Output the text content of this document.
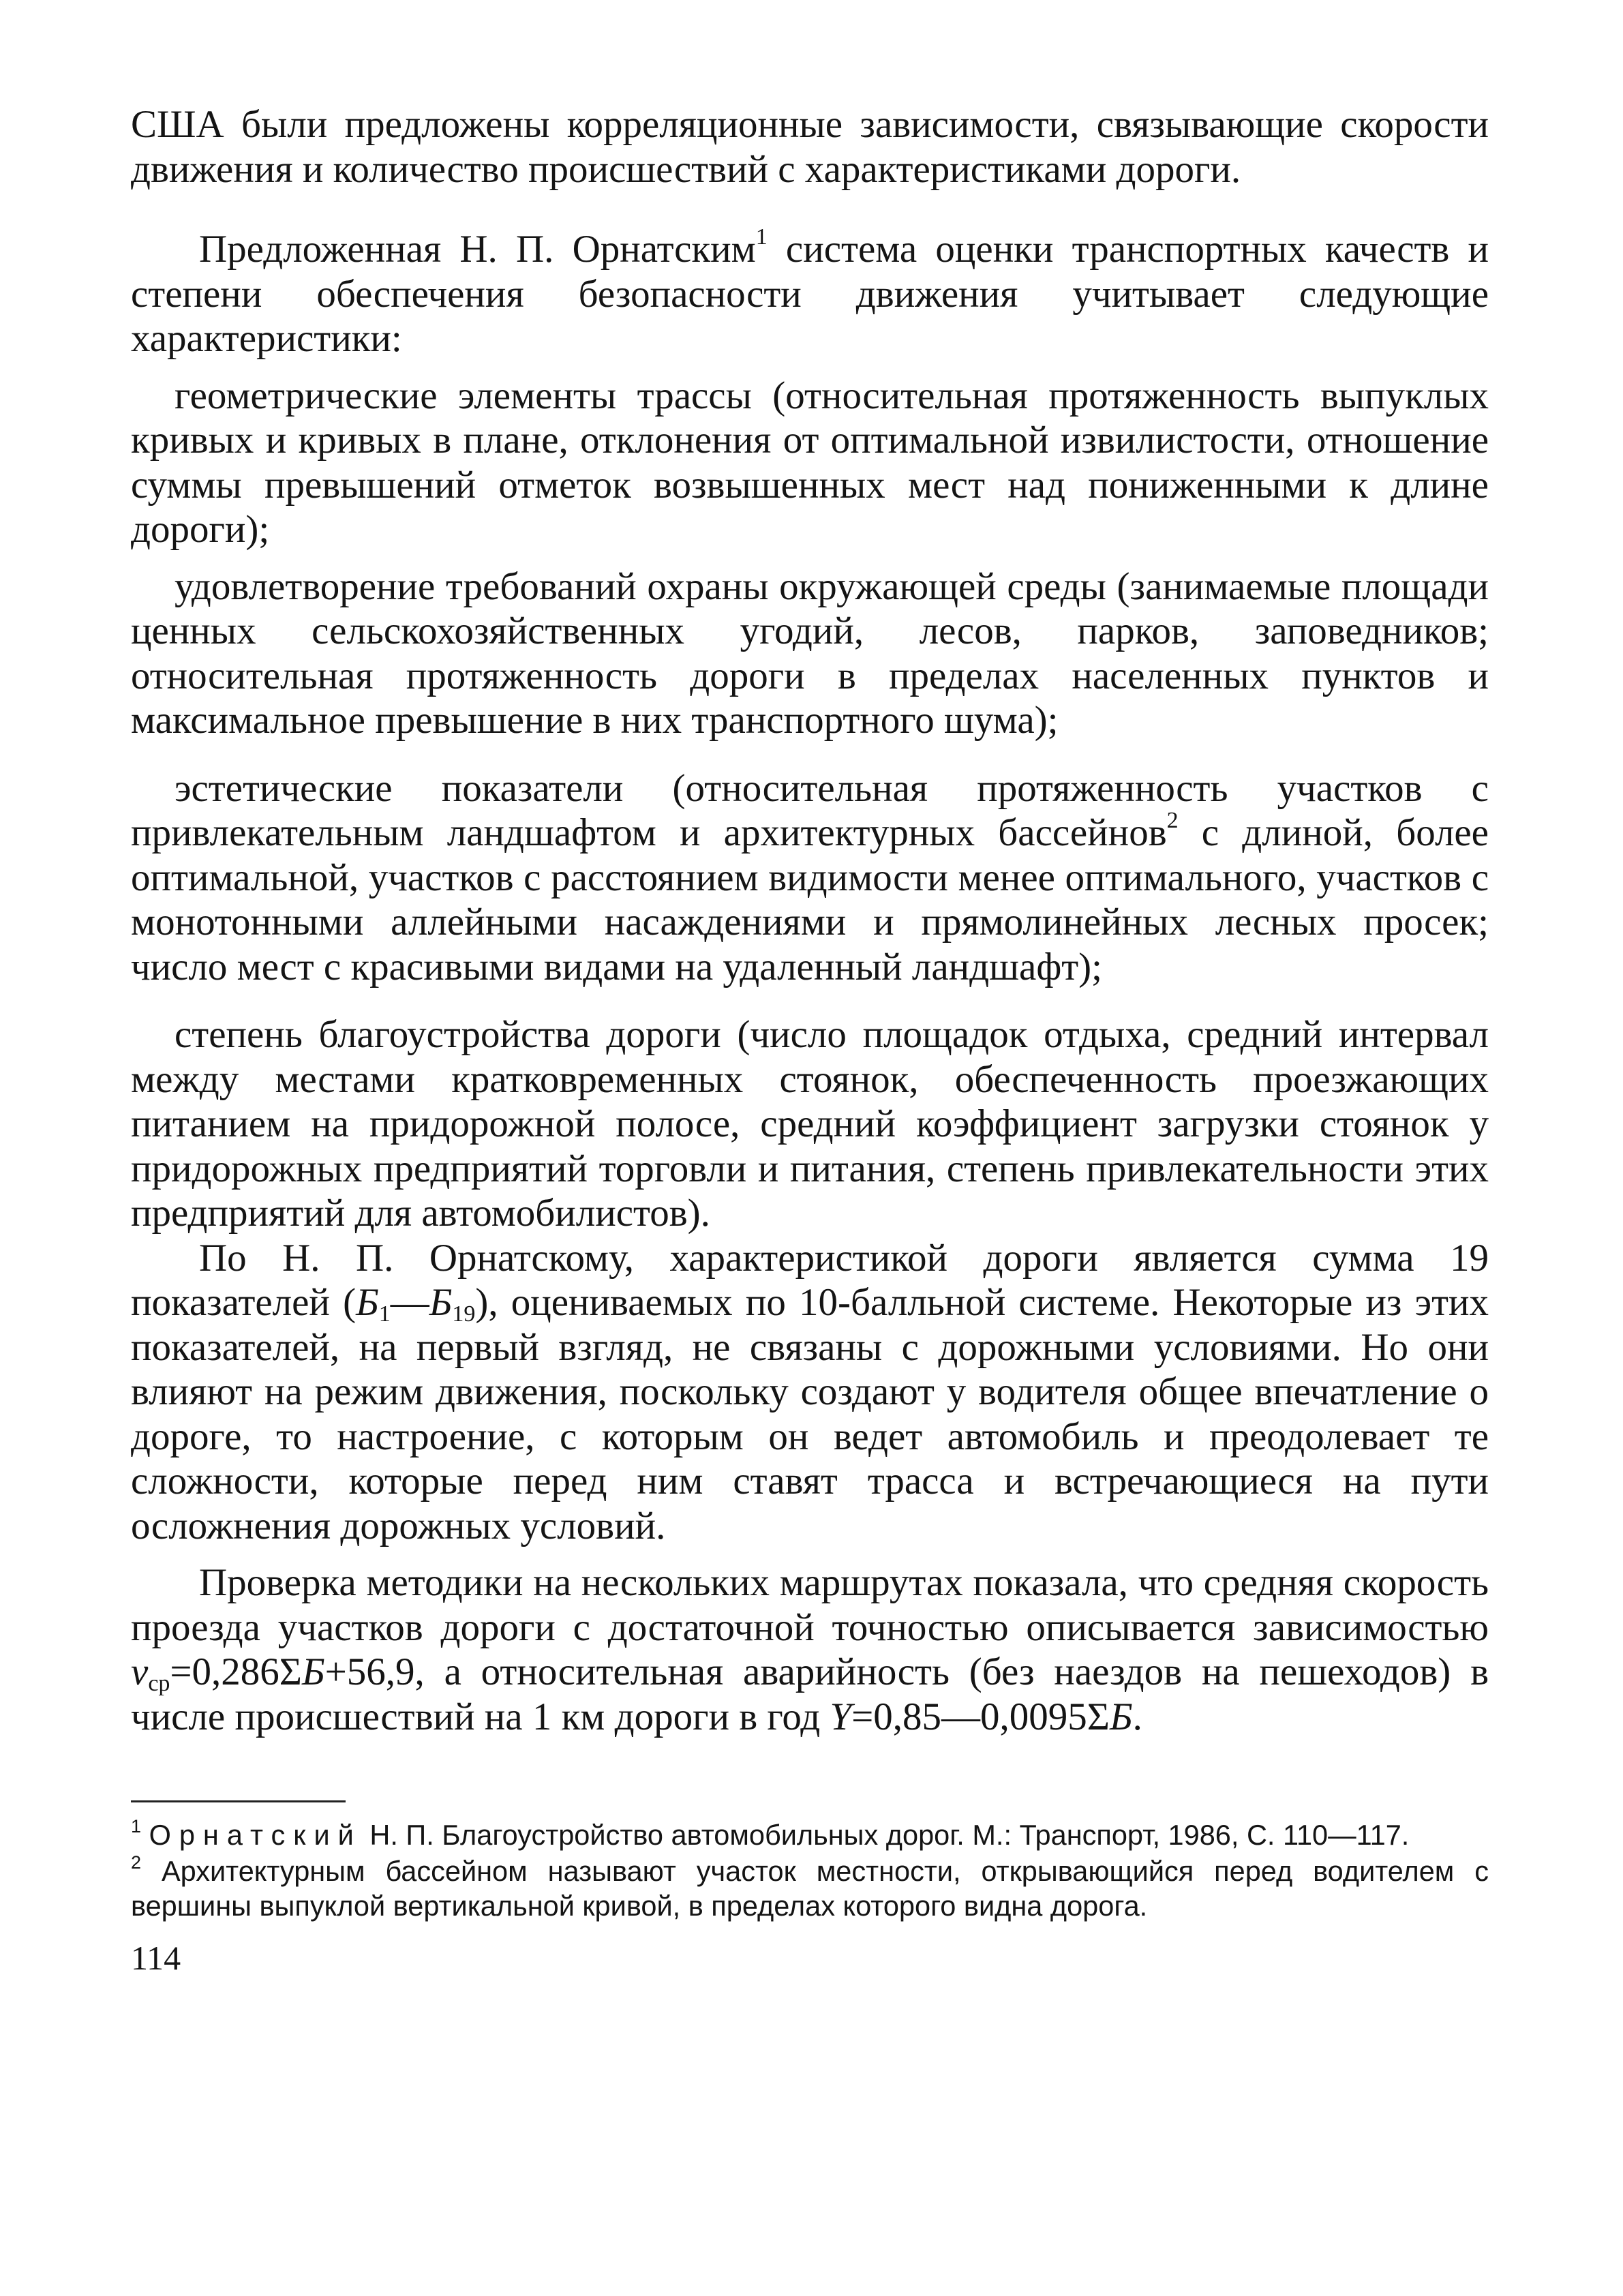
США были предложены корреляционные зависимости, связывающие скорости движения и количество происшествий с характеристиками дороги.

Предложенная Н. П. Орнатским$^1$ система оценки транспортных качеств и степени обеспечения безопасности движения учитывает следующие характеристики:

геометрические элементы трассы (относительная протяженность выпуклых кривых и кривых в плане, отклонения от оптимальной извилистости, отношение суммы превышений отметок возвышенных мест над пониженными к длине дороги);

удовлетворение требований охраны окружающей среды (занимаемые площади ценных сельскохозяйственных угодий, лесов, парков, заповедников; относительная протяженность дороги в пределах населенных пунктов и максимальное превышение в них транспортного шума);

эстетические показатели (относительная протяженность участков с привлекательным ландшафтом и архитектурных бассейнов$^2$ с длиной, более оптимальной, участков с расстоянием видимости менее оптимального, участков с монотонными аллейными насаждениями и прямолинейных лесных просек; число мест с красивыми видами на удаленный ландшафт);

степень благоустройства дороги (число площадок отдыха, средний интервал между местами кратковременных стоянок, обеспеченность проезжающих питанием на придорожной полосе, средний коэффициент загрузки стоянок у придорожных предприятий торговли и питания, степень привлекательности этих предприятий для автомобилистов).

По Н. П. Орнатскому, характеристикой дороги является сумма 19 показателей $(Б_1—Б_{19})$, оцениваемых по 10-балльной системе. Некоторые из этих показателей, на первый взгляд, не связаны с дорожными условиями. Но они влияют на режим движения, поскольку создают у водителя общее впечатление о дороге, то настроение, с которым он ведет автомобиль и преодолевает те сложности, которые перед ним ставят трасса и встречающиеся на пути осложнения дорожных условий.

Проверка методики на нескольких маршрутах показала, что средняя скорость проезда участков дороги с достаточной точностью описывается зависимостью $v_{ср}=0,286\Sigma Б+56,9$, а относительная аварийность (без наездов на пешеходов) в числе происшествий на 1 км дороги в год Y=0,85—0,0095ΣБ.

$^1$ Орнатский Н. П. Благоустройство автомобильных дорог. М.: Транспорт, 1986, С. 110—117.

$^2$ Архитектурным бассейном называют участок местности, открывающийся перед водителем с вершины выпуклой вертикальной кривой, в пределах которого видна дорога.

114
